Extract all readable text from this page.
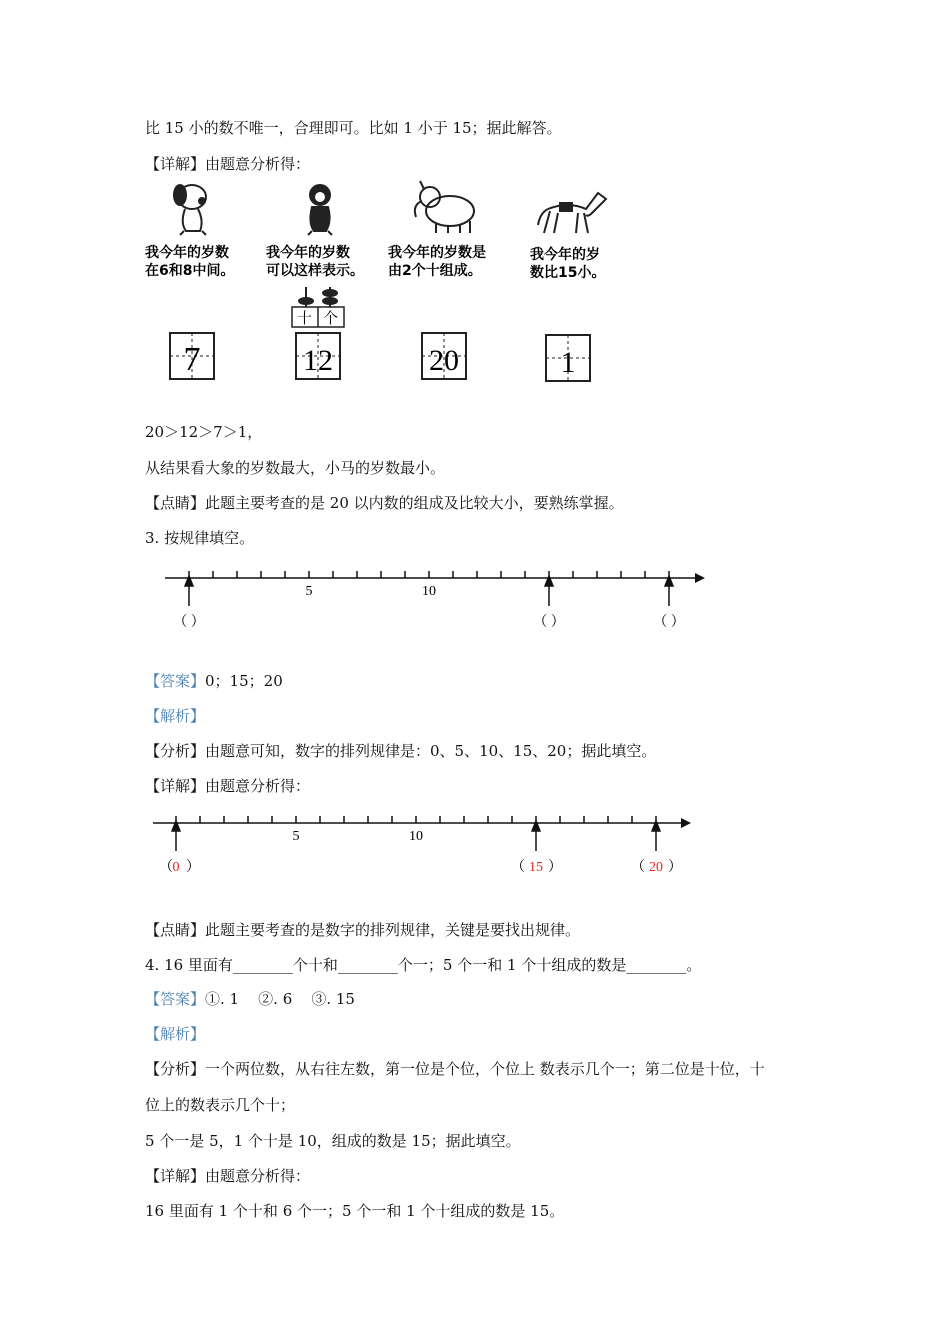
比 15 小的数不唯一，合理即可。比如 1 小于 15；据此解答。
【详解】由题意分析得：
我今年的岁数
在6和8中间。
我今年的岁数
可以这样表示。
我今年的岁数是
由2个十组成。
我今年的岁
数比15小。
十 个
7	12	20	1
20＞12＞7＞1，
从结果看大象的岁数最大，小马的岁数最小。
【点睛】此题主要考查的是 20 以内数的组成及比较大小，要熟练掌握。
3. 按规律填空。
5	10
（ ）	（ ）	（ ）
【答案】0；15；20
【解析】
【分析】由题意可知，数字的排列规律是：0、5、10、15、20；据此填空。
【详解】由题意分析得：
5	10
（ 0 ）	（ 15 ）	（ 20 ）
【点睛】此题主要考查的是数字的排列规律，关键是要找出规律。
4. 16 里面有________个十和________个一；5 个一和 1 个十组成的数是________。
【答案】①. 1    ②. 6    ③. 15
【解析】
【分析】一个两位数，从右往左数，第一位是个位，个位上 数表示几个一；第二位是十位，十
位上的数表示几个十；
5 个一是 5，1 个十是 10，组成的数是 15；据此填空。
【详解】由题意分析得：
16 里面有 1 个十和 6 个一；5 个一和 1 个十组成的数是 15。
